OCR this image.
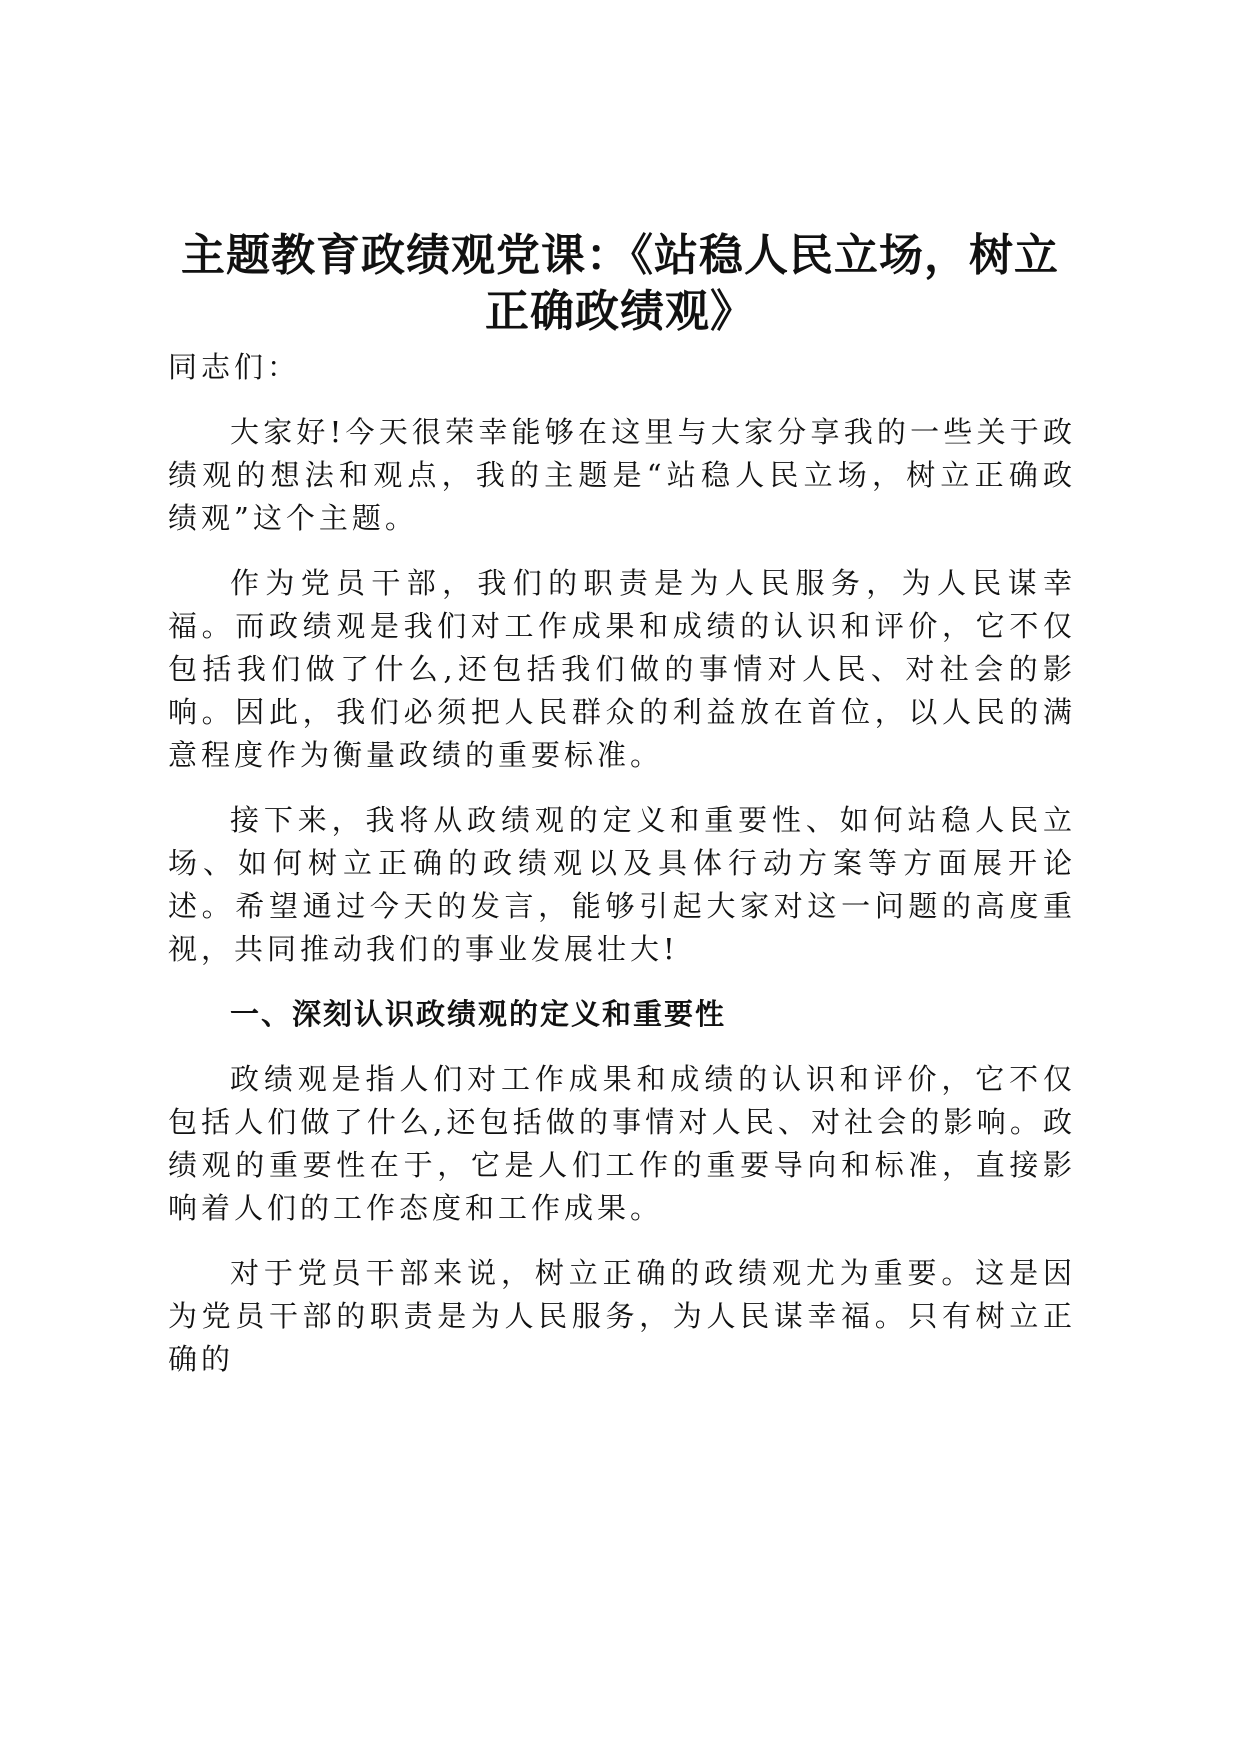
主题教育政绩观党课：《站稳人民立场，树立
正确政绩观》

同志们：

大家好!今天很荣幸能够在这里与大家分享我的一些关于政绩观的想法和观点，我的主题是“站稳人民立场，树立正确政绩观”这个主题。

作为党员干部，我们的职责是为人民服务，为人民谋幸福。而政绩观是我们对工作成果和成绩的认识和评价，它不仅包括我们做了什么,还包括我们做的事情对人民、对社会的影响。因此，我们必须把人民群众的利益放在首位，以人民的满意程度作为衡量政绩的重要标准。

接下来，我将从政绩观的定义和重要性、如何站稳人民立场、如何树立正确的政绩观以及具体行动方案等方面展开论述。希望通过今天的发言，能够引起大家对这一问题的高度重视，共同推动我们的事业发展壮大!

一、深刻认识政绩观的定义和重要性

政绩观是指人们对工作成果和成绩的认识和评价，它不仅包括人们做了什么,还包括做的事情对人民、对社会的影响。政绩观的重要性在于，它是人们工作的重要导向和标准，直接影响着人们的工作态度和工作成果。

对于党员干部来说，树立正确的政绩观尤为重要。这是因为党员干部的职责是为人民服务，为人民谋幸福。只有树立正确的
